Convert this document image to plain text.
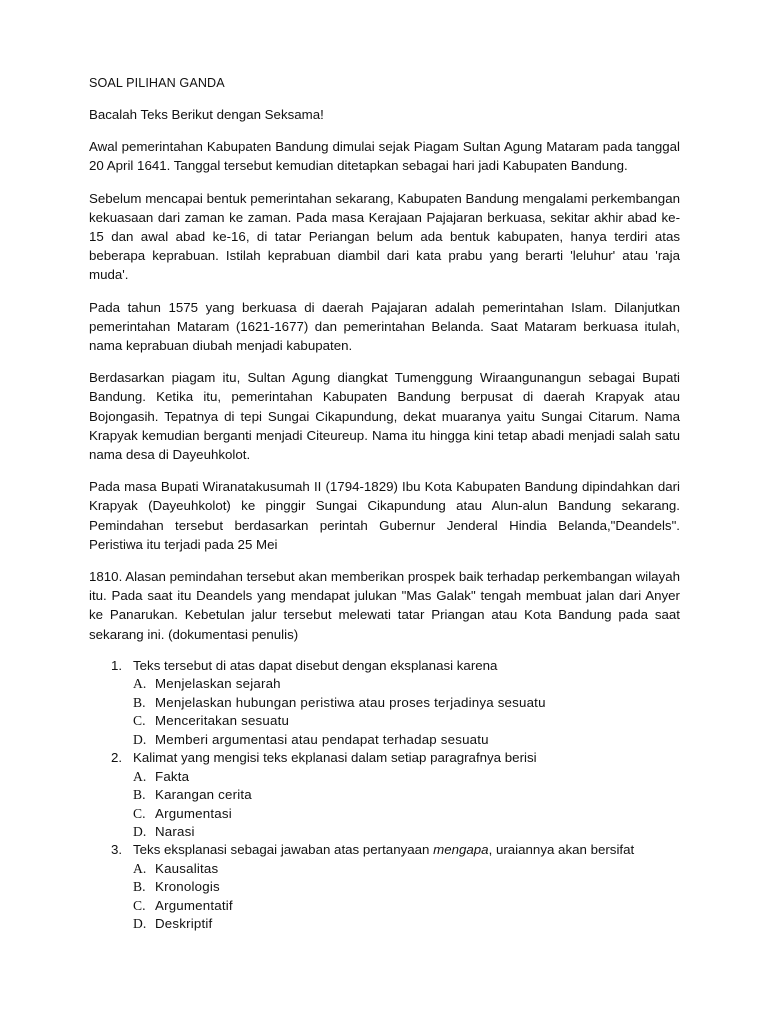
SOAL PILIHAN GANDA

Bacalah Teks Berikut dengan Seksama!

Awal pemerintahan Kabupaten Bandung dimulai sejak Piagam Sultan Agung Mataram pada tanggal 20 April 1641. Tanggal tersebut kemudian ditetapkan sebagai hari jadi Kabupaten Bandung.

Sebelum mencapai bentuk pemerintahan sekarang, Kabupaten Bandung mengalami perkembangan kekuasaan dari zaman ke zaman. Pada masa Kerajaan Pajajaran berkuasa, sekitar akhir abad ke-15 dan awal abad ke-16, di tatar Periangan belum ada bentuk kabupaten, hanya terdiri atas beberapa keprabuan. Istilah keprabuan diambil dari kata prabu yang berarti 'leluhur' atau 'raja muda'.

Pada tahun 1575 yang berkuasa di daerah Pajajaran adalah pemerintahan Islam. Dilanjutkan pemerintahan Mataram (1621-1677) dan pemerintahan Belanda. Saat Mataram berkuasa itulah, nama keprabuan diubah menjadi kabupaten.

Berdasarkan piagam itu, Sultan Agung diangkat Tumenggung Wiraangunangun sebagai Bupati Bandung. Ketika itu, pemerintahan Kabupaten Bandung berpusat di daerah Krapyak atau Bojongasih. Tepatnya di tepi Sungai Cikapundung, dekat muaranya yaitu Sungai Citarum. Nama Krapyak kemudian berganti menjadi Citeureup. Nama itu hingga kini tetap abadi menjadi salah satu nama desa di Dayeuhkolot.

Pada masa Bupati Wiranatakusumah II (1794-1829) Ibu Kota Kabupaten Bandung dipindahkan dari Krapyak (Dayeuhkolot) ke pinggir Sungai Cikapundung atau Alun-alun Bandung sekarang. Pemindahan tersebut berdasarkan perintah Gubernur Jenderal Hindia Belanda,"Deandels". Peristiwa itu terjadi pada 25 Mei

1810. Alasan pemindahan tersebut akan memberikan prospek baik terhadap perkembangan wilayah itu. Pada saat itu Deandels yang mendapat julukan "Mas Galak" tengah membuat jalan dari Anyer ke Panarukan. Kebetulan jalur tersebut melewati tatar Priangan atau Kota Bandung pada saat sekarang ini. (dokumentasi penulis)

1. Teks tersebut di atas dapat disebut dengan eksplanasi karena
A. Menjelaskan sejarah
B. Menjelaskan hubungan peristiwa atau proses terjadinya sesuatu
C. Menceritakan sesuatu
D. Memberi argumentasi atau pendapat terhadap sesuatu
2. Kalimat yang mengisi teks ekplanasi dalam setiap paragrafnya berisi
A. Fakta
B. Karangan cerita
C. Argumentasi
D. Narasi
3. Teks eksplanasi sebagai jawaban atas pertanyaan mengapa, uraiannya akan bersifat
A. Kausalitas
B. Kronologis
C. Argumentatif
D. Deskriptif
